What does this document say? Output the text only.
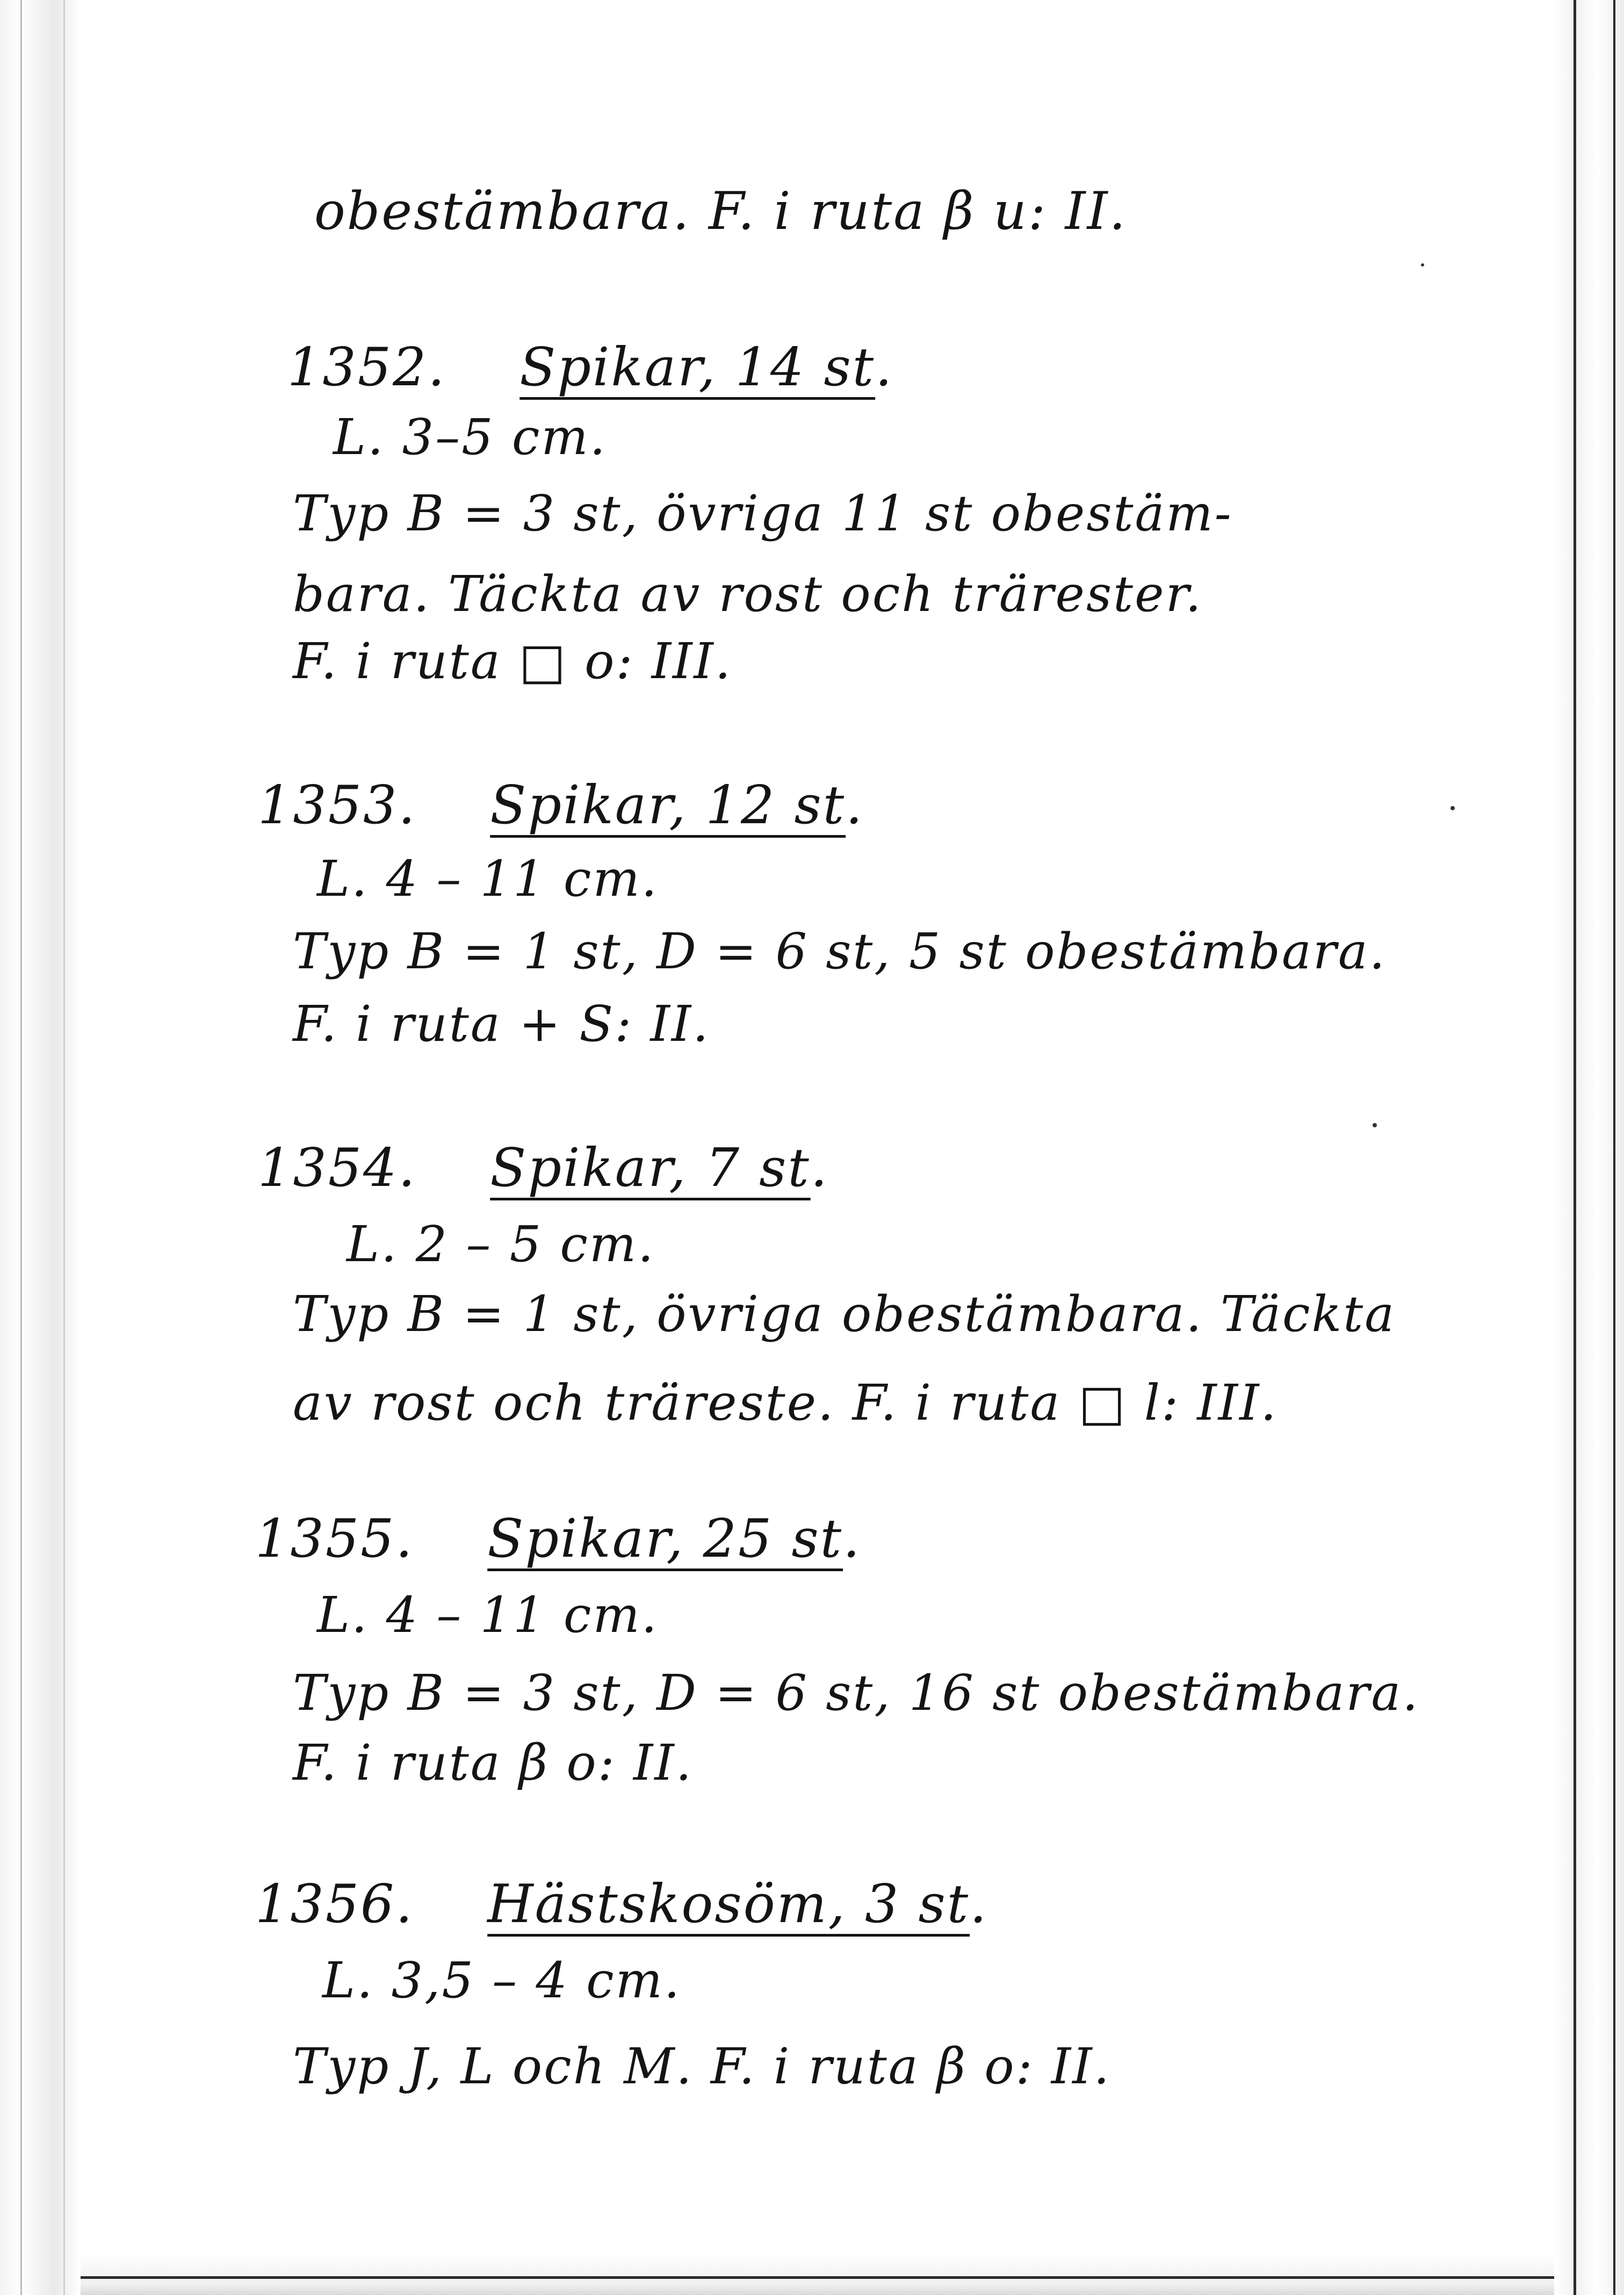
obestämbara. F. i ruta β u: II.
1352. Spikar, 14 st.
L. 3–5 cm.
Typ B = 3 st, övriga 11 st obestäm-
bara. Täckta av rost och trärester.
F. i ruta □ o: III.
1353. Spikar, 12 st.
L. 4 – 11 cm.
Typ B = 1 st, D = 6 st, 5 st obestämbara.
F. i ruta + S: II.
1354. Spikar, 7 st.
L. 2 – 5 cm.
Typ B = 1 st, övriga obestämbara. Täckta
av rost och träreste. F. i ruta □ l: III.
1355. Spikar, 25 st.
L. 4 – 11 cm.
Typ B = 3 st, D = 6 st, 16 st obestämbara.
F. i ruta β o: II.
1356. Hästskosöm, 3 st.
L. 3,5 – 4 cm.
Typ J, L och M. F. i ruta β o: II.
